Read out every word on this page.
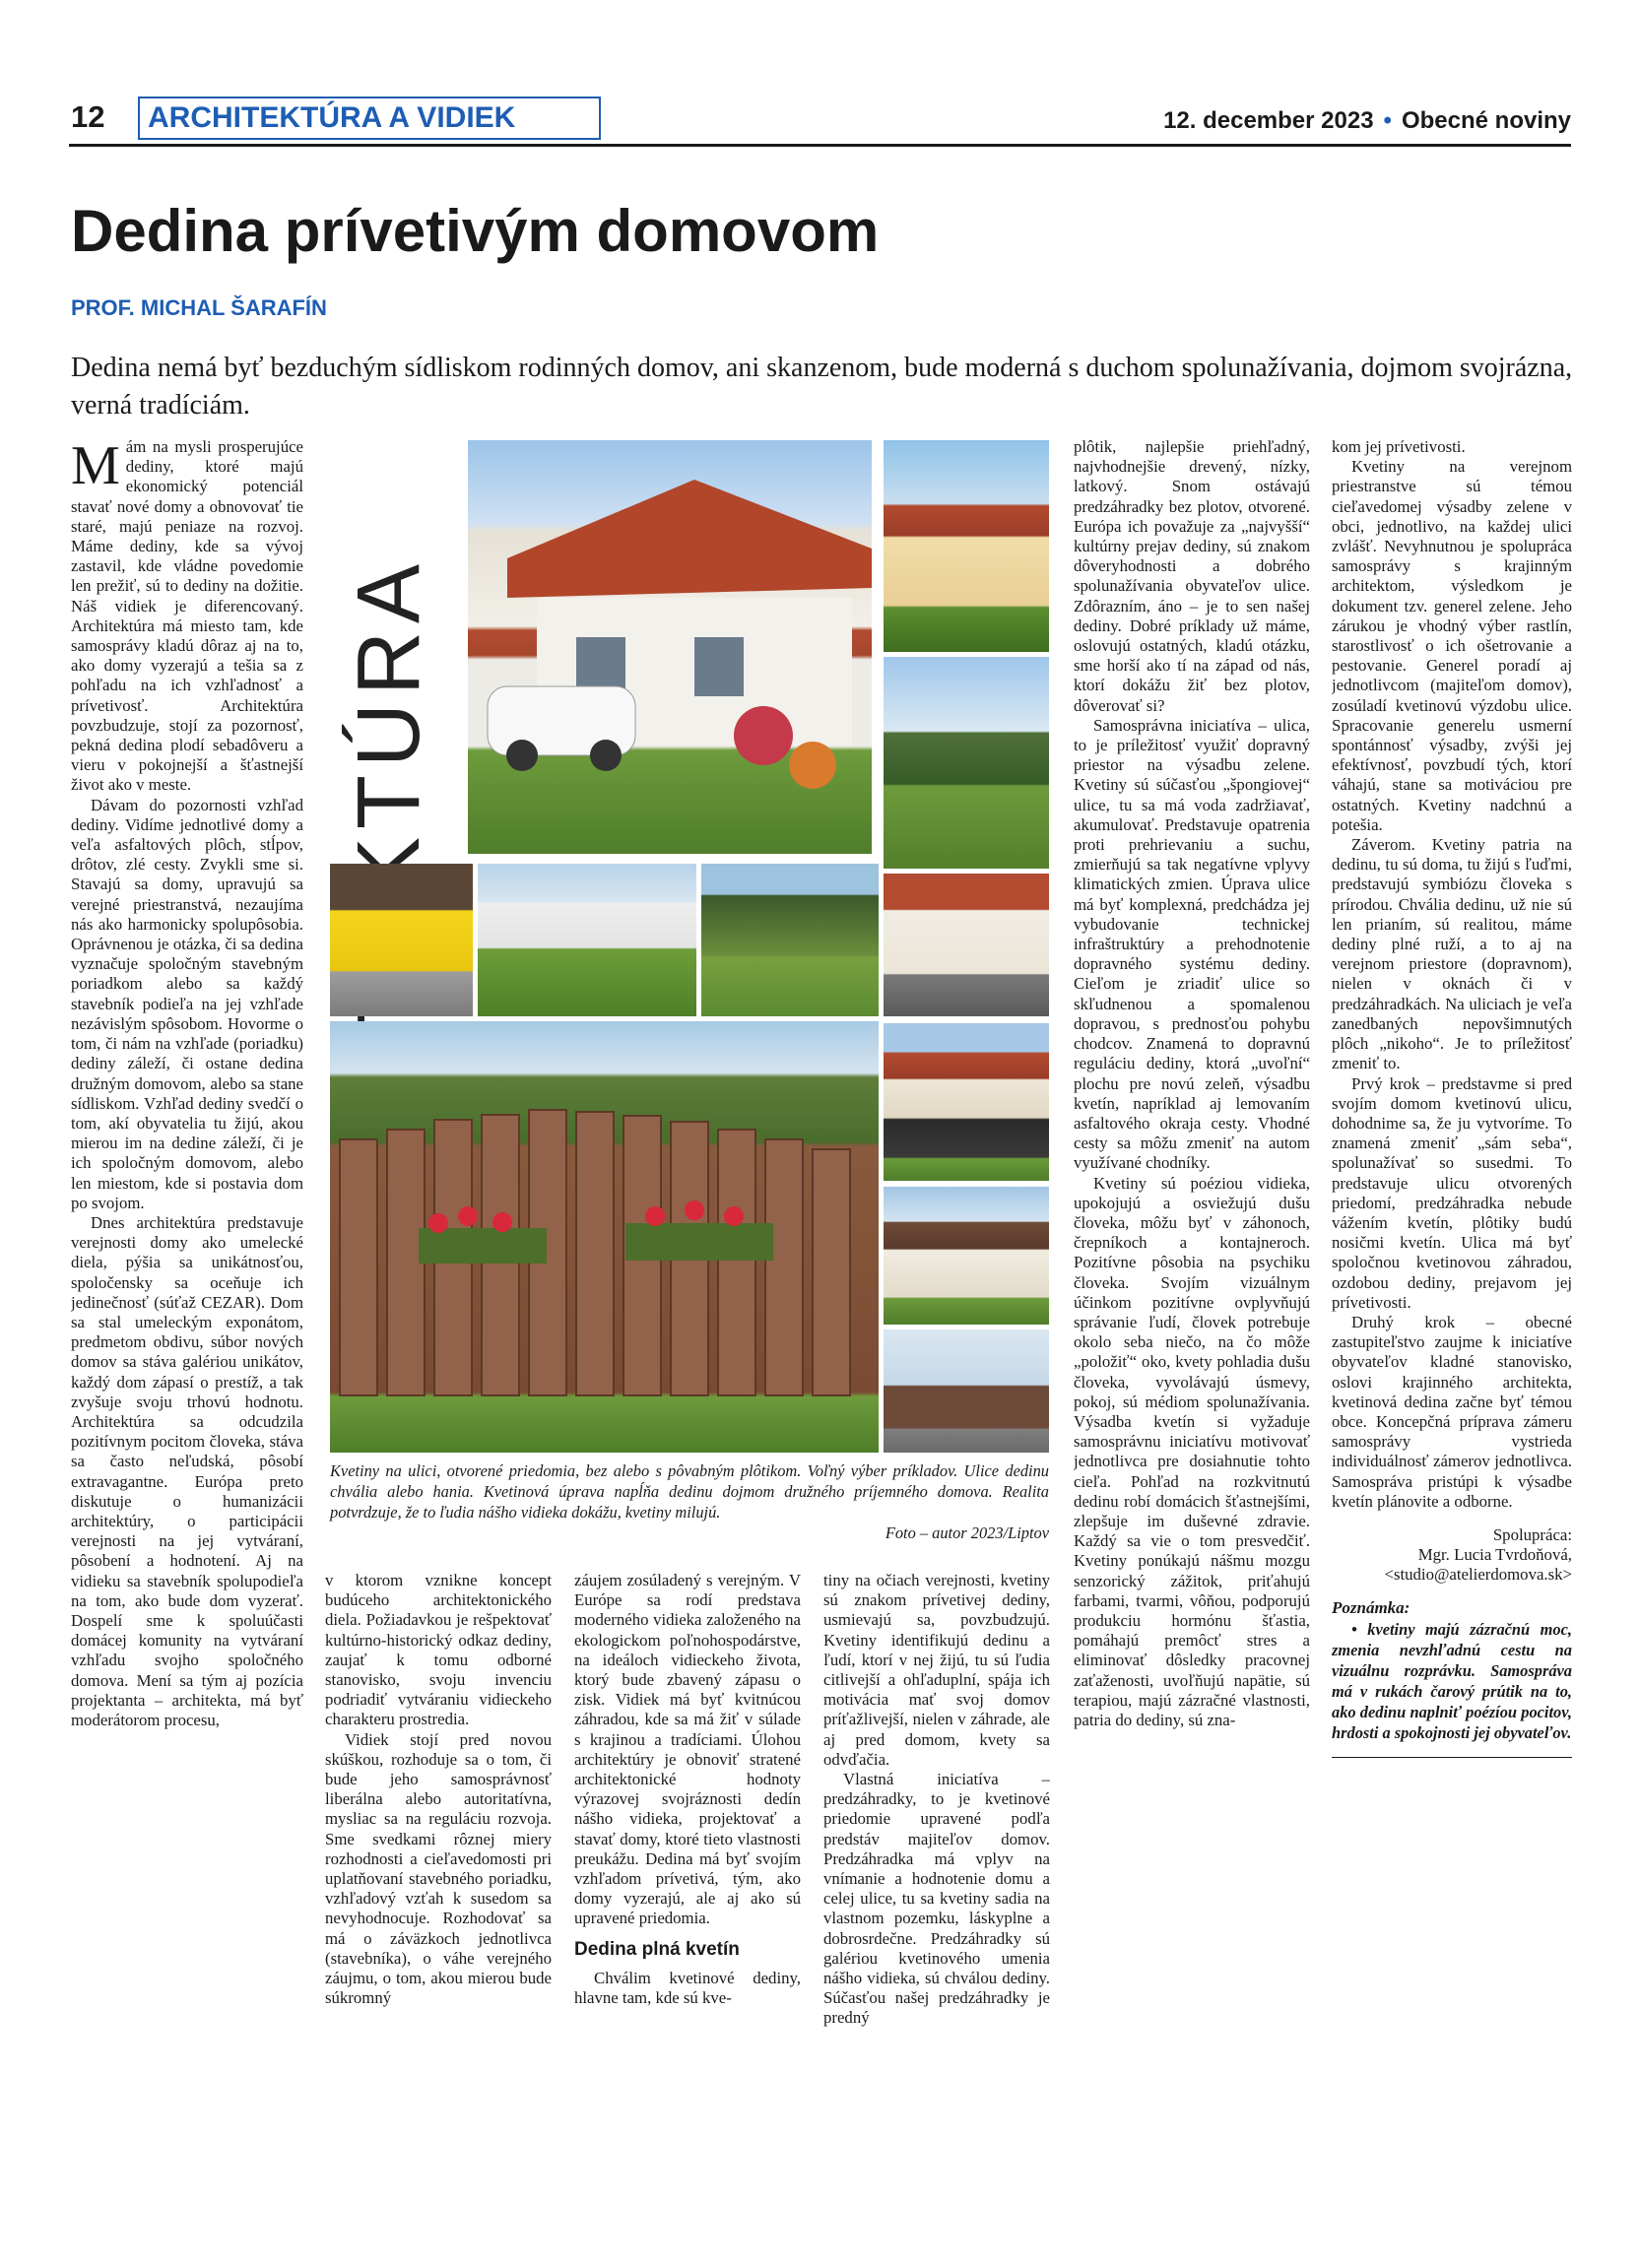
12	ARCHITEKTÚRA A VIDIEK	12. december 2023 • Obecné noviny
Dedina prívetivým domovom
PROF. MICHAL ŠARAFÍN
Dedina nemá byť bezduchým sídliskom rodinných domov, ani skanzenom, bude moderná s duchom spolunažívania, dojmom svojrázna, verná tradíciám.

Mám na mysli prosperujúce dediny, ktoré majú ekonomický potenciál stavať nové domy a obnovovať tie staré, majú peniaze na rozvoj. Máme dediny, kde sa vývoj zastavil, kde vládne povedomie len prežiť, sú to dediny na dožitie. Náš vidiek je diferencovaný. Architektúra má miesto tam, kde samosprávy kladú dôraz aj na to, ako domy vyzerajú a tešia sa z pohľadu na ich vzhľadnosť a prívetivosť. Architektúra povzbudzuje, stojí za pozornosť, pekná dedina plodí sebadôveru a vieru v pokojnejší a šťastnejší život ako v meste.

Dávam do pozornosti vzhľad dediny. Vidíme jednotlivé domy a veľa asfaltových plôch, stĺpov, drôtov, zlé cesty. Zvykli sme si. Stavajú sa domy, upravujú sa verejné priestranstvá, nezaujíma nás ako harmonicky spolupôsobia. Oprávnenou je otázka, či sa dedina vyznačuje spoločným stavebným poriadkom alebo sa každý stavebník podieľa na jej vzhľade nezávislým spôsobom. Hovorme o tom, či nám na vzhľade (poriadku) dediny záleží, či ostane dedina družným domovom, alebo sa stane sídliskom. Vzhľad dediny svedčí o tom, akí obyvatelia tu žijú, akou mierou im na dedine záleží, či je ich spoločným domovom, alebo len miestom, kde si postavia dom po svojom.

Dnes architektúra predstavuje verejnosti domy ako umelecké diela, pýšia sa unikátnosťou, spoločensky sa oceňuje ich jedinečnosť (súťaž CEZAR). Dom sa stal umeleckým exponátom, predmetom obdivu, súbor nových domov sa stáva galériou unikátov, každý dom zápasí o prestíž, a tak zvyšuje svoju trhovú hodnotu. Architektúra sa odcudzila pozitívnym pocitom človeka, stáva sa často neľudská, pôsobí extravagantne. Európa preto diskutuje o humanizácii architektúry, o participácii verejnosti na jej vytváraní, pôsobení a hodnotení. Aj na vidieku sa stavebník spolupodieľa na tom, ako bude dom vyzerať. Dospelí sme k spoluúčasti domácej komunity na vytváraní vzhľadu svojho spoločného domova. Mení sa tým aj pozícia projektanta – architekta, má byť moderátorom procesu,

Kvetiny na ulici, otvorené priedomia, bez alebo s pôvabným plôtikom. Voľný výber príkladov. Ulice dedinu chvália alebo hania. Kvetinová úprava napĺňa dedinu dojmom družného príjemného domova. Realita potvrdzuje, že to ľudia nášho vidieka dokážu, kvetiny milujú.
Foto – autor 2023/Liptov

v ktorom vznikne koncept budúceho architektonického diela. Požiadavkou je rešpektovať kultúrno-historický odkaz dediny, zaujať k tomu odborné stanovisko, svoju invenciu podriadiť vytváraniu vidieckeho charakteru prostredia.

Vidiek stojí pred novou skúškou, rozhoduje sa o tom, či bude jeho samosprávnosť liberálna alebo autoritatívna, mysliac sa na reguláciu rozvoja. Sme svedkami rôznej miery rozhodnosti a cieľavedomosti pri uplatňovaní stavebného poriadku, vzhľadový vzťah k susedom sa nevyhodnocuje. Rozhodovať sa má o záväzkoch jednotlivca (stavebníka), o váhe verejného záujmu, o tom, akou mierou bude súkromný

záujem zosúladený s verejným. V Európe sa rodí predstava moderného vidieka založeného na ekologickom poľnohospodárstve, na ideáloch vidieckeho života, ktorý bude zbavený zápasu o zisk. Vidiek má byť kvitnúcou záhradou, kde sa má žiť v súlade s krajinou a tradíciami. Úlohou architektúry je obnoviť stratené architektonické hodnoty výrazovej svojráznosti dedín nášho vidieka, projektovať a stavať domy, ktoré tieto vlastnosti preukážu. Dedina má byť svojím vzhľadom prívetivá, tým, ako domy vyzerajú, ale aj ako sú upravené priedomia.

Dedina plná kvetín

Chválim kvetinové dediny, hlavne tam, kde sú kve-

tiny na očiach verejnosti, kvetiny sú znakom prívetivej dediny, usmievajú sa, povzbudzujú. Kvetiny identifikujú dedinu a ľudí, ktorí v nej žijú, tu sú ľudia citlivejší a ohľaduplní, spája ich motivácia mať svoj domov príťažlivejší, nielen v záhrade, ale aj pred domom, kvety sa odvďačia.

Vlastná iniciatíva – predzáhradky, to je kvetinové priedomie upravené podľa predstáv majiteľov domov. Predzáhradka má vplyv na vnímanie a hodnotenie domu a celej ulice, tu sa kvetiny sadia na vlastnom pozemku, láskyplne a dobrosrdečne. Predzáhradky sú galériou kvetinového umenia nášho vidieka, sú chválou dediny. Súčasťou našej predzáhradky je predný

plôtik, najlepšie priehľadný, najvhodnejšie drevený, nízky, latkový. Snom ostávajú predzáhradky bez plotov, otvorené. Európa ich považuje za „najvyšší“ kultúrny prejav dediny, sú znakom dôveryhodnosti a dobrého spolunažívania obyvateľov ulice. Zdôrazním, áno – je to sen našej dediny. Dobré príklady už máme, oslovujú ostatných, kladú otázku, sme horší ako tí na západ od nás, ktorí dokážu žiť bez plotov, dôverovať si?

Samosprávna iniciatíva – ulica, to je príležitosť využiť dopravný priestor na výsadbu zelene. Kvetiny sú súčasťou „špongiovej“ ulice, tu sa má voda zadržiavať, akumulovať. Predstavuje opatrenia proti prehrievaniu a suchu, zmierňujú sa tak negatívne vplyvy klimatických zmien. Úprava ulice má byť komplexná, predchádza jej vybudovanie technickej infraštruktúry a prehodnotenie dopravného systému dediny. Cieľom je zriadiť ulice so skľudnenou a spomalenou dopravou, s prednosťou pohybu chodcov. Znamená to dopravnú reguláciu dediny, ktorá „uvoľní“ plochu pre novú zeleň, výsadbu kvetín, napríklad aj lemovaním asfaltového okraja cesty. Vhodné cesty sa môžu zmeniť na autom využívané chodníky.

Kvetiny sú poéziou vidieka, upokojujú a osviežujú dušu človeka, môžu byť v záhonoch, črepníkoch a kontajneroch. Pozitívne pôsobia na psychiku človeka. Svojím vizuálnym účinkom pozitívne ovplyvňujú správanie ľudí, človek potrebuje okolo seba niečo, na čo môže „položiť“ oko, kvety pohladia dušu človeka, vyvolávajú úsmevy, pokoj, sú médiom spolunažívania. Výsadba kvetín si vyžaduje samosprávnu iniciatívu motivovať jednotlivca pre dosiahnutie tohto cieľa. Pohľad na rozkvitnutú dedinu robí domácich šťastnejšími, zlepšuje im duševné zdravie. Každý sa vie o tom presvedčiť. Kvetiny ponúkajú nášmu mozgu senzorický zážitok, priťahujú farbami, tvarmi, vôňou, podporujú produkciu hormónu šťastia, pomáhajú premôcť stres a eliminovať dôsledky pracovnej zaťaženosti, uvoľňujú napätie, sú terapiou, majú zázračné vlastnosti, patria do dediny, sú zna-

kom jej prívetivosti.

Kvetiny na verejnom priestranstve sú témou cieľavedomej výsadby zelene v obci, jednotlivo, na každej ulici zvlášť. Nevyhnutnou je spolupráca samosprávy s krajinným architektom, výsledkom je dokument tzv. generel zelene. Jeho zárukou je vhodný výber rastlín, starostlivosť o ich ošetrovanie a pestovanie. Generel poradí aj jednotlivcom (majiteľom domov), zosúladí kvetinovú výzdobu ulice. Spracovanie generelu usmerní spontánnosť výsadby, zvýši jej efektívnosť, povzbudí tých, ktorí váhajú, stane sa motiváciou pre ostatných. Kvetiny nadchnú a potešia.

Záverom. Kvetiny patria na dedinu, tu sú doma, tu žijú s ľuďmi, predstavujú symbiózu človeka s prírodou. Chvália dedinu, už nie sú len prianím, sú realitou, máme dediny plné ruží, a to aj na verejnom priestore (dopravnom), nielen v oknách či v predzáhradkách. Na uliciach je veľa zanedbaných nepovšimnutých plôch „nikoho“. Je to príležitosť zmeniť to.

Prvý krok – predstavme si pred svojím domom kvetinovú ulicu, dohodnime sa, že ju vytvoríme. To znamená zmeniť „sám seba“, spolunažívať so susedmi. To predstavuje ulicu otvorených priedomí, predzáhradka nebude vážením kvetín, plôtiky budú nosičmi kvetín. Ulica má byť spoločnou kvetinovou záhradou, ozdobou dediny, prejavom jej prívetivosti.

Druhý krok – obecné zastupiteľstvo zaujme k iniciatíve obyvateľov kladné stanovisko, oslovi krajinného architekta, kvetinová dedina začne byť témou obce. Koncepčná príprava zámeru samosprávy vystrieda individuálnosť zámerov jednotlivca. Samospráva pristúpi k výsadbe kvetín plánovite a odborne.

Spolupráca:
Mgr. Lucia Tvrdoňová,
<studio@atelierdomova.sk>
Poznámka:

• kvetiny majú zázračnú moc, zmenia nevzhľadnú cestu na vizuálnu rozprávku. Samospráva má v rukách čarový prútik na to, ako dedinu naplniť poézíou pocitov, hrdosti a spokojnosti jej obyvateľov.
